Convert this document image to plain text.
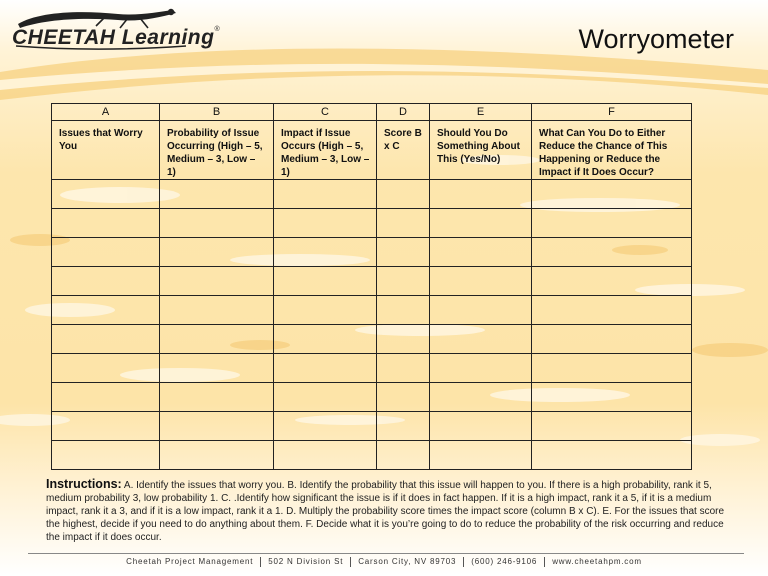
CHEETAH Learning®	Worryometer
A	B	C	D	E	F
Issues that Worry You	Probability of Issue Occurring (High – 5, Medium – 3, Low – 1)	Impact if Issue Occurs (High – 5, Medium – 3, Low – 1)	Score B x C	Should You Do Something About This (Yes/No)	What Can You Do to Either Reduce the Chance of This Happening or Reduce the Impact if It Does Occur?

Instructions: A. Identify the issues that worry you. B. Identify the probability that this issue will happen to you. If there is a high probability, rank it 5, medium probability 3, low probability 1. C. .Identify how significant the issue is if it does in fact happen. If it is a high impact, rank it a 5, if it is a medium impact, rank it a 3, and if it is a low impact, rank it a 1. D. Multiply the probability score times the impact score (column B x C). E. For the issues that score the highest, decide if you need to do anything about them. F. Decide what it is you’re going to do to reduce the probability of the risk occurring and reduce the impact if it does occur.
Cheetah Project Management 502 N Division St Carson City, NV 89703 (600) 246-9106 www.cheetahpm.com
